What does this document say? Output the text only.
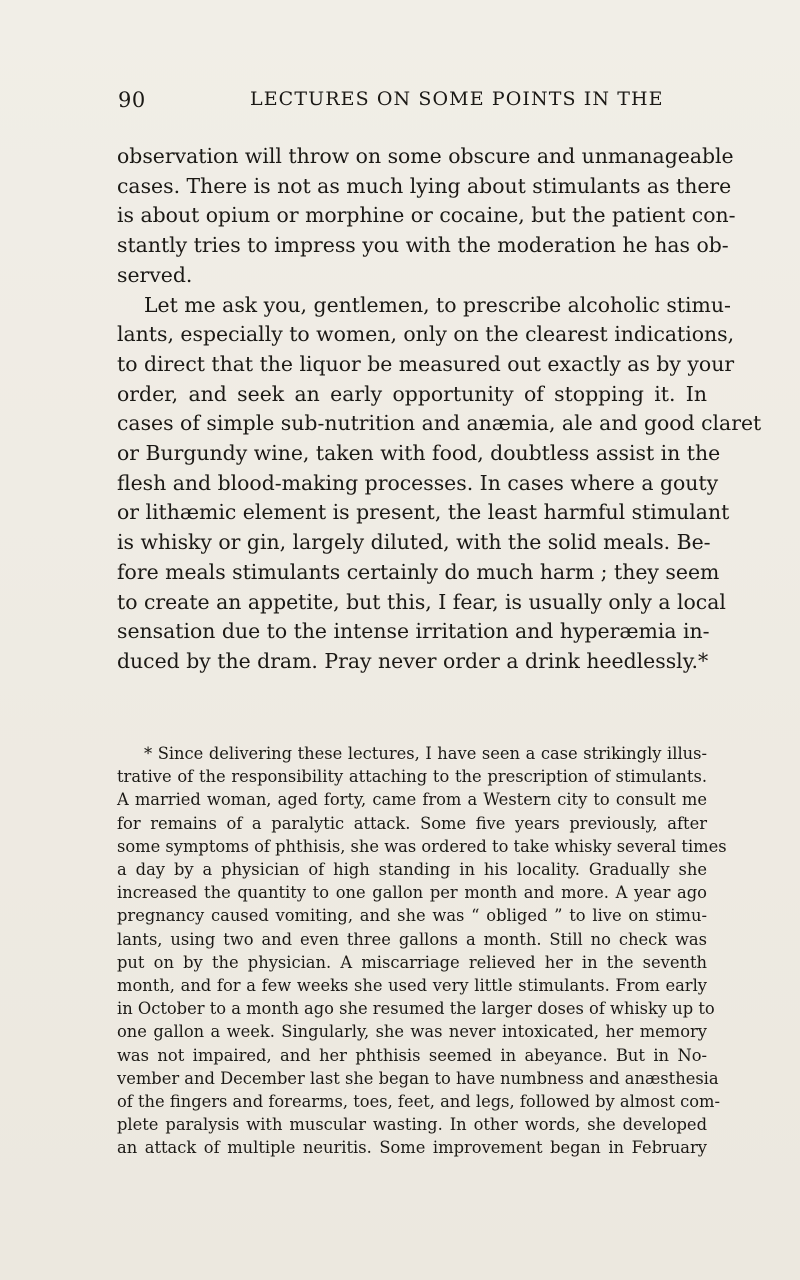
90	LECTURES ON SOME POINTS IN THE
observation will throw on some obscure and unmanageable
cases. There is not as much lying about stimulants as there
is about opium or morphine or cocaine, but the patient con-
stantly tries to impress you with the moderation he has ob-
served.
Let me ask you, gentlemen, to prescribe alcoholic stimu-
lants, especially to women, only on the clearest indications,
to direct that the liquor be measured out exactly as by your
order, and seek an early opportunity of stopping it. In
cases of simple sub-nutrition and anæmia, ale and good claret
or Burgundy wine, taken with food, doubtless assist in the
flesh and blood-making processes. In cases where a gouty
or lithæmic element is present, the least harmful stimulant
is whisky or gin, largely diluted, with the solid meals. Be-
fore meals stimulants certainly do much harm ; they seem
to create an appetite, but this, I fear, is usually only a local
sensation due to the intense irritation and hyperæmia in-
duced by the dram. Pray never order a drink heedlessly.*
* Since delivering these lectures, I have seen a case strikingly illus-
trative of the responsibility attaching to the prescription of stimulants.
A married woman, aged forty, came from a Western city to consult me
for remains of a paralytic attack. Some five years previously, after
some symptoms of phthisis, she was ordered to take whisky several times
a day by a physician of high standing in his locality. Gradually she
increased the quantity to one gallon per month and more. A year ago
pregnancy caused vomiting, and she was “ obliged ” to live on stimu-
lants, using two and even three gallons a month. Still no check was
put on by the physician. A miscarriage relieved her in the seventh
month, and for a few weeks she used very little stimulants. From early
in October to a month ago she resumed the larger doses of whisky up to
one gallon a week. Singularly, she was never intoxicated, her memory
was not impaired, and her phthisis seemed in abeyance. But in No-
vember and December last she began to have numbness and anæsthesia
of the fingers and forearms, toes, feet, and legs, followed by almost com-
plete paralysis with muscular wasting. In other words, she developed
an attack of multiple neuritis. Some improvement began in February
